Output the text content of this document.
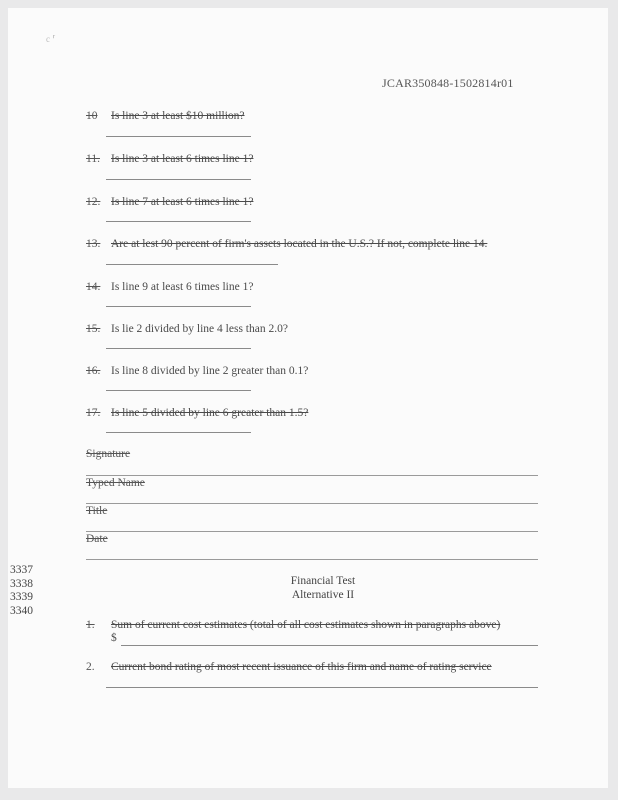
c ⸢
JCAR350848-1502814r01
10 Is line 3 at least $10 million?
11. Is line 3 at least 6 times line 1?
12. Is line 7 at least 6 times line 1?
13. Are at lest 90 percent of firm's assets located in the U.S.? If not, complete line 14.
14. Is line 9 at least 6 times line 1?
15. Is lie 2 divided by line 4 less than 2.0?
16. Is line 8 divided by line 2 greater than 0.1?
17. Is line 5 divided by line 6 greater than 1.5?
Signature
Typed Name
Title
Date
3337
3338
3339
3340
Financial Test
Alternative II
1. Sum of current cost estimates (total of all cost estimates shown in paragraphs above)
$
2. Current bond rating of most recent issuance of this firm and name of rating service
